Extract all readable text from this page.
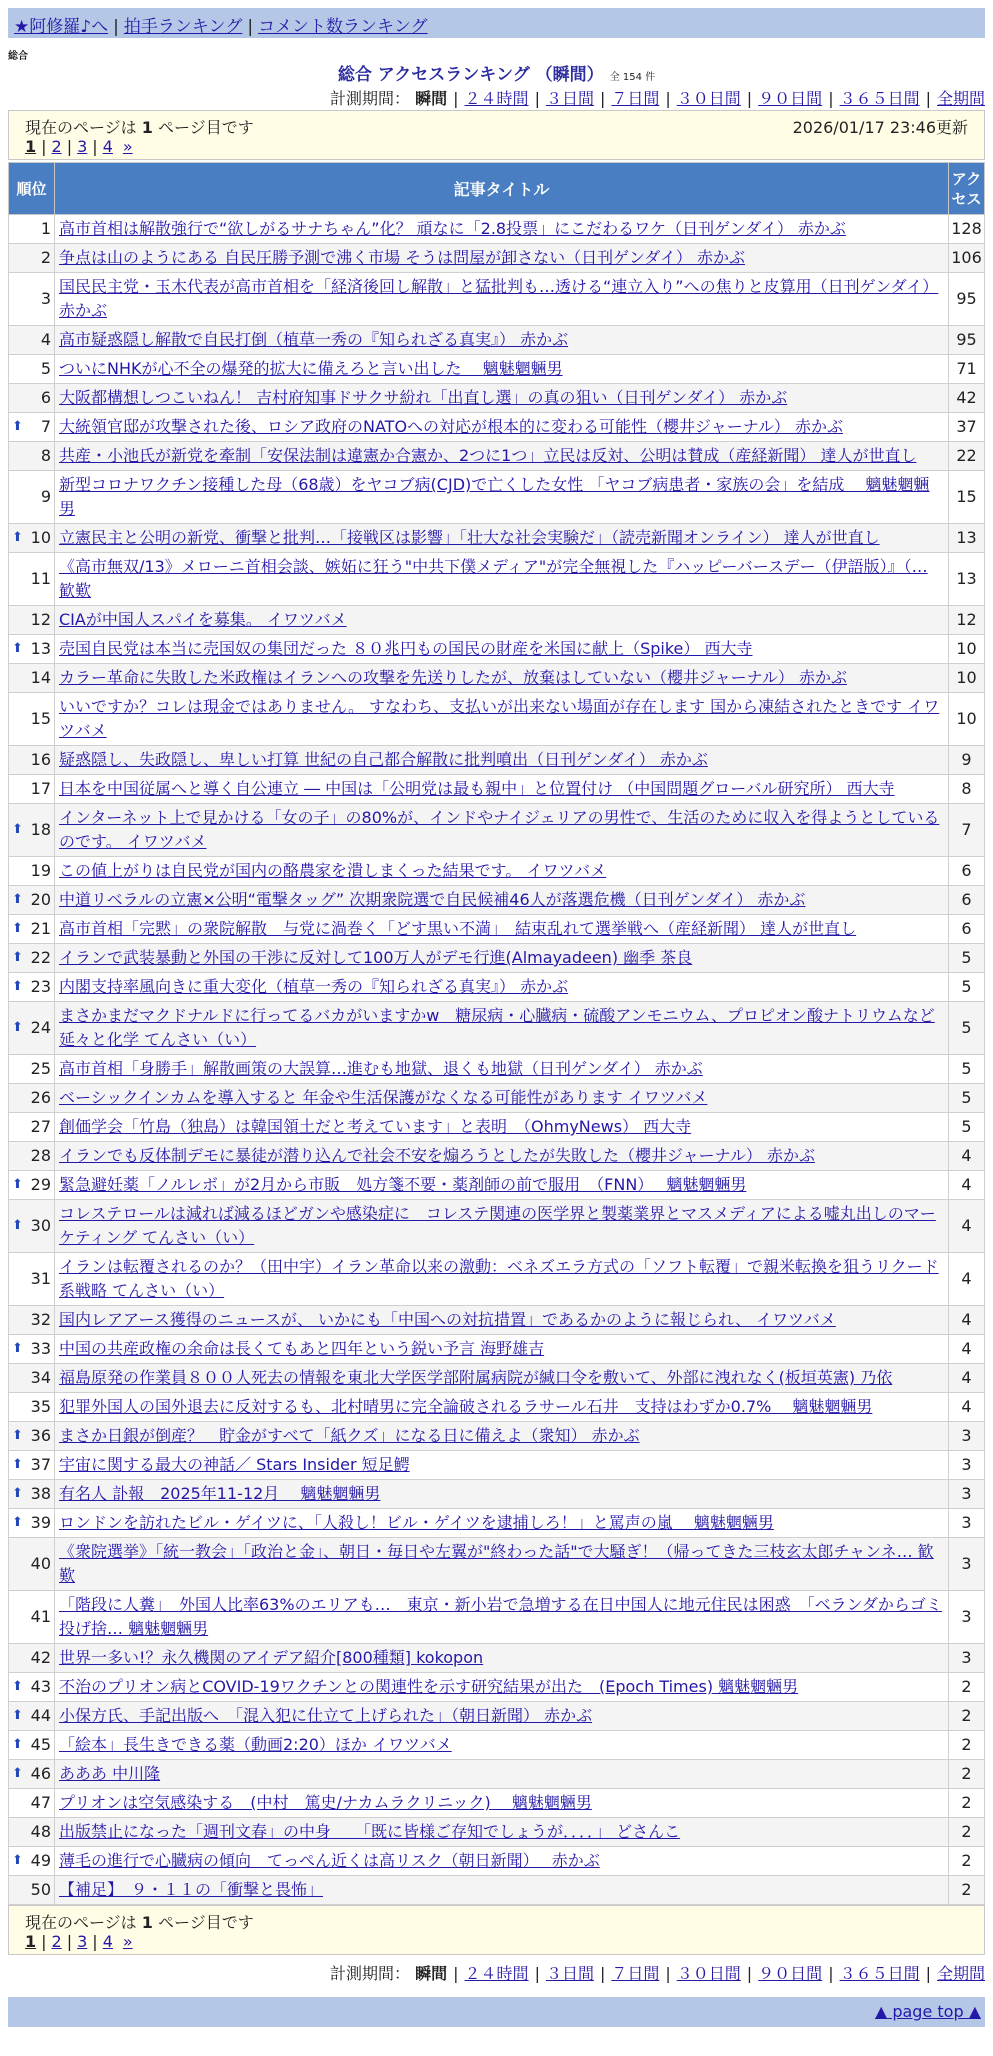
★阿修羅♪へ | 拍手ランキング | コメント数ランキング
総合
総合 アクセスランキング （瞬間） 全 154 件
計測期間： 瞬間 | ２４時間 | ３日間 | ７日間 | ３０日間 | ９０日間 | ３６５日間 | 全期間
現在のページは 1 ページ目です	2026/01/17 23:46更新
1 | 2 | 3 | 4 »
順位	記事タイトル	アクセス
1	高市首相は解散強行で“欲しがるサナちゃん”化？ 頑なに「2.8投票」にこだわるワケ（日刊ゲンダイ） 赤かぶ	128
2	争点は山のようにある 自民圧勝予測で沸く市場 そうは問屋が卸さない（日刊ゲンダイ） 赤かぶ	106
3	国民民主党・玉木代表が高市首相を「経済後回し解散」と猛批判も…透ける“連立入り”への焦りと皮算用（日刊ゲンダイ） 赤かぶ	95
4	高市疑惑隠し解散で自民打倒（植草一秀の『知られざる真実』） 赤かぶ	95
5	ついにNHKが心不全の爆発的拡大に備えろと言い出した　 魑魅魍魎男	71
6	大阪都構想しつこいねん！ 吉村府知事ドサクサ紛れ「出直し選」の真の狙い（日刊ゲンダイ） 赤かぶ	42

⬆ 7	大統領官邸が攻撃された後、ロシア政府のNATOへの対応が根本的に変わる可能性（櫻井ジャーナル） 赤かぶ	37
8	共産・小池氏が新党を牽制「安保法制は違憲か合憲か、2つに1つ」立民は反対、公明は賛成（産経新聞） 達人が世直し	22
9	新型コロナワクチン接種した母（68歳）をヤコブ病(CJD)で亡くした女性 「ヤコブ病患者・家族の会」を結成　 魑魅魍魎男	15

⬆ 10	立憲民主と公明の新党、衝撃と批判…「接戦区は影響」「壮大な社会実験だ」（読売新聞オンライン） 達人が世直し	13
11	《高市無双/13》メローニ首相会談、嫉妬に狂う"中共下僕メディア"が完全無視した『ハッピーバースデー（伊語版）』（… 歓歎	13
12	CIAが中国人スパイを募集。 イワツバメ	12

⬆ 13	売国自民党は本当に売国奴の集団だった ８０兆円もの国民の財産を米国に献上（Spike） 西大寺	10
14	カラー革命に失敗した米政権はイランへの攻撃を先送りしたが、放棄はしていない（櫻井ジャーナル） 赤かぶ	10
15	いいですか？コレは現金ではありません。 すなわち、支払いが出来ない場面が存在します 国から凍結されたときです イワツバメ	10
16	疑惑隠し、失政隠し、卑しい打算 世紀の自己都合解散に批判噴出（日刊ゲンダイ） 赤かぶ	9
17	日本を中国従属へと導く自公連立 ― 中国は「公明党は最も親中」と位置付け （中国問題グローバル研究所） 西大寺	8

⬆ 18	インターネット上で見かける「女の子」の80%が、インドやナイジェリアの男性で、生活のために収入を得ようとしているのです。 イワツバメ	7
19	この値上がりは自民党が国内の酪農家を潰しまくった結果です。 イワツバメ	6

⬆ 20	中道リベラルの立憲×公明“電撃タッグ” 次期衆院選で自民候補46人が落選危機（日刊ゲンダイ） 赤かぶ	6

⬆ 21	高市首相「完黙」の衆院解散　与党に渦巻く「どす黒い不満」　結束乱れて選挙戦へ（産経新聞） 達人が世直し	6

⬆ 22	イランで武装暴動と外国の干渉に反対して100万人がデモ行進(Almayadeen) 幽季 茶良	5

⬆ 23	内閣支持率風向きに重大変化（植草一秀の『知られざる真実』） 赤かぶ	5

⬆ 24	まさかまだマクドナルドに行ってるバカがいますかw　糖尿病・心臓病・硫酸アンモニウム、プロピオン酸ナトリウムなど延々と化学 てんさい（い）	5
25	高市首相「身勝手」解散画策の大誤算…進むも地獄、退くも地獄（日刊ゲンダイ） 赤かぶ	5
26	ベーシックインカムを導入すると 年金や生活保護がなくなる可能性があります イワツバメ	5
27	創価学会「竹島（独島）は韓国領土だと考えています」と表明　（OhmyNews） 西大寺	5
28	イランでも反体制デモに暴徒が潜り込んで社会不安を煽ろうとしたが失敗した（櫻井ジャーナル） 赤かぶ	4

⬆ 29	緊急避妊薬「ノルレボ」が2月から市販　処方箋不要・薬剤師の前で服用　（FNN）　 魑魅魍魎男	4

⬆ 30	コレステロールは減れば減るほどガンや感染症に　コレステ関連の医学界と製薬業界とマスメディアによる嘘丸出しのマーケティング てんさい（い）	4
31	イランは転覆されるのか？（田中宇）イラン革命以来の激動：ベネズエラ方式の「ソフト転覆」で親米転換を狙うリクード系戦略 てんさい（い）	4
32	国内レアアース獲得のニュースが、 いかにも「中国への対抗措置」であるかのように報じられ、 イワツバメ	4

⬆ 33	中国の共産政権の余命は長くてもあと四年という鋭い予言 海野雄吉	4
34	福島原発の作業員８００人死去の情報を東北大学医学部附属病院が緘口令を敷いて、外部に洩れなく(板垣英憲) 乃依	4
35	犯罪外国人の国外退去に反対するも、北村晴男に完全論破されるラサール石井　支持はわずか0.7%　 魑魅魍魎男	4

⬆ 36	まさか日銀が倒産？　貯金がすべて「紙クズ」になる日に備えよ（衆知） 赤かぶ	3

⬆ 37	宇宙に関する最大の神話／ Stars Insider 短足鰐	3

⬆ 38	有名人 訃報　2025年11-12月　 魑魅魍魎男	3

⬆ 39	ロンドンを訪れたビル・ゲイツに、「人殺し！ビル・ゲイツを逮捕しろ！」と罵声の嵐　 魑魅魍魎男	3
40	《衆院選挙》「統一教会」「政治と金」、朝日・毎日や左翼が"終わった話"で大騒ぎ！（帰ってきた三枝玄太郎チャンネ… 歓歎	3
41	「階段に人糞」　外国人比率63%のエリアも…　東京・新小岩で急増する在日中国人に地元住民は困惑　「ベランダからゴミ投げ捨… 魑魅魍魎男	3
42	世界一多い!？永久機関のアイデア紹介[800種類] kokopon	3

⬆ 43	不治のプリオン病とCOVID-19ワクチンとの関連性を示す研究結果が出た　(Epoch Times) 魑魅魍魎男	2

⬆ 44	小保方氏、手記出版へ　「混入犯に仕立て上げられた」（朝日新聞） 赤かぶ	2

⬆ 45	「絵本」長生きできる薬（動画2:20）ほか イワツバメ	2

⬆ 46	あああ 中川隆	2
47	プリオンは空気感染する　(中村　篤史/ナカムラクリニック)　 魑魅魍魎男	2
48	出版禁止になった「週刊文春」の中身　　「既に皆様ご存知でしょうが．．．．」 どさんこ	2

⬆ 49	薄毛の進行で心臓病の傾向　てっぺん近くは高リスク（朝日新聞）　 赤かぶ	2
50	【補足】　９・１１の「衝撃と畏怖」	2
現在のページは 1 ページ目です
1 | 2 | 3 | 4 »
計測期間： 瞬間 | ２４時間 | ３日間 | ７日間 | ３０日間 | ９０日間 | ３６５日間 | 全期間
▲ page top ▲
